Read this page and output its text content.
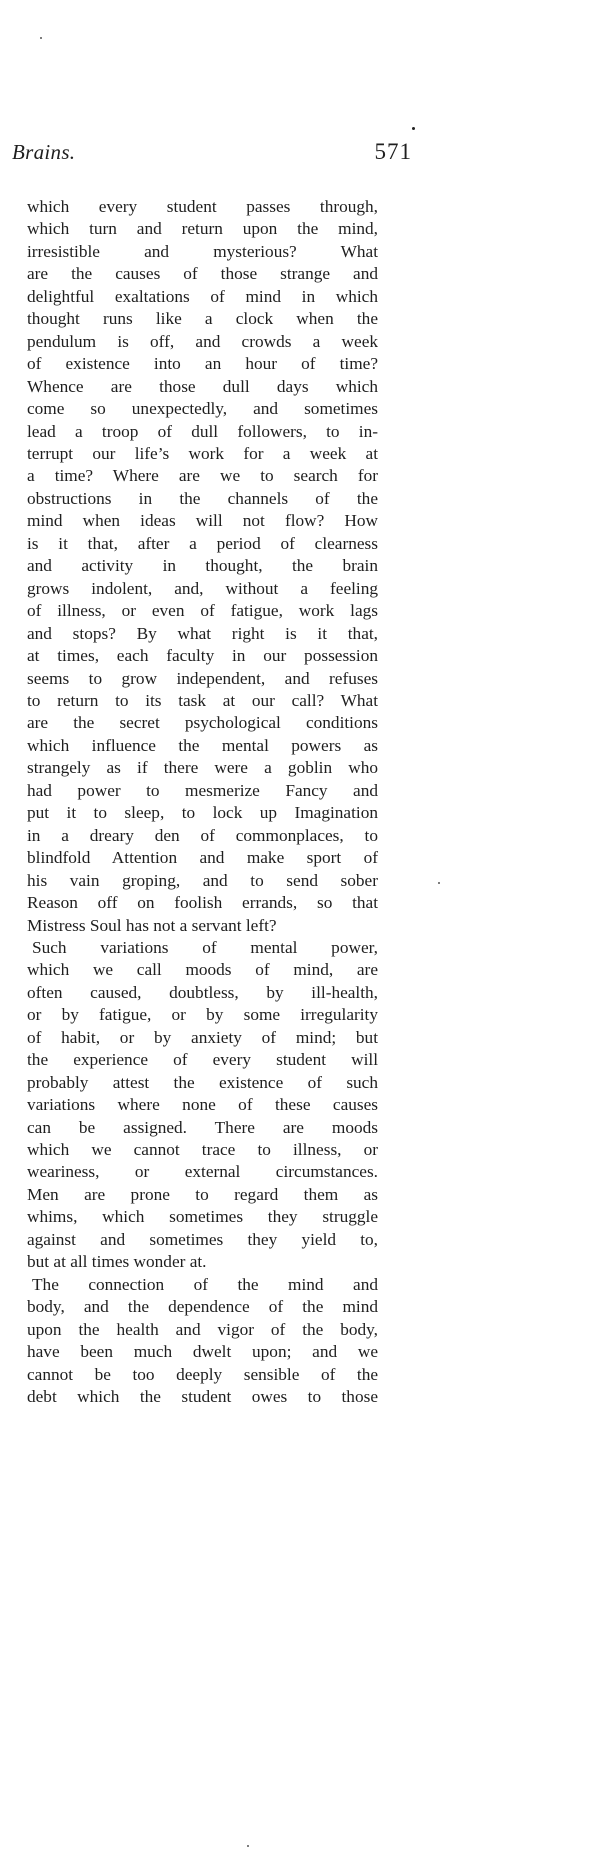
Brains.	571

which every student passes through,
which turn and return upon the mind,
irresistible and mysterious? What
are the causes of those strange and
delightful exaltations of mind in which
thought runs like a clock when the
pendulum is off, and crowds a week
of existence into an hour of time?
Whence are those dull days which
come so unexpectedly, and sometimes
lead a troop of dull followers, to in-
terrupt our life’s work for a week at
a time? Where are we to search for
obstructions in the channels of the
mind when ideas will not flow? How
is it that, after a period of clearness
and activity in thought, the brain
grows indolent, and, without a feeling
of illness, or even of fatigue, work lags
and stops? By what right is it that,
at times, each faculty in our possession
seems to grow independent, and refuses
to return to its task at our call? What
are the secret psychological conditions
which influence the mental powers as
strangely as if there were a goblin who
had power to mesmerize Fancy and
put it to sleep, to lock up Imagination
in a dreary den of commonplaces, to
blindfold Attention and make sport of
his vain groping, and to send sober
Reason off on foolish errands, so that
Mistress Soul has not a servant left?

Such variations of mental power,
which we call moods of mind, are
often caused, doubtless, by ill-health,
or by fatigue, or by some irregularity
of habit, or by anxiety of mind; but
the experience of every student will
probably attest the existence of such
variations where none of these causes
can be assigned. There are moods
which we cannot trace to illness, or
weariness, or external circumstances.
Men are prone to regard them as
whims, which sometimes they struggle
against and sometimes they yield to,
but at all times wonder at.

The connection of the mind and
body, and the dependence of the mind
upon the health and vigor of the body,
have been much dwelt upon; and we
cannot be too deeply sensible of the
debt which the student owes to those
